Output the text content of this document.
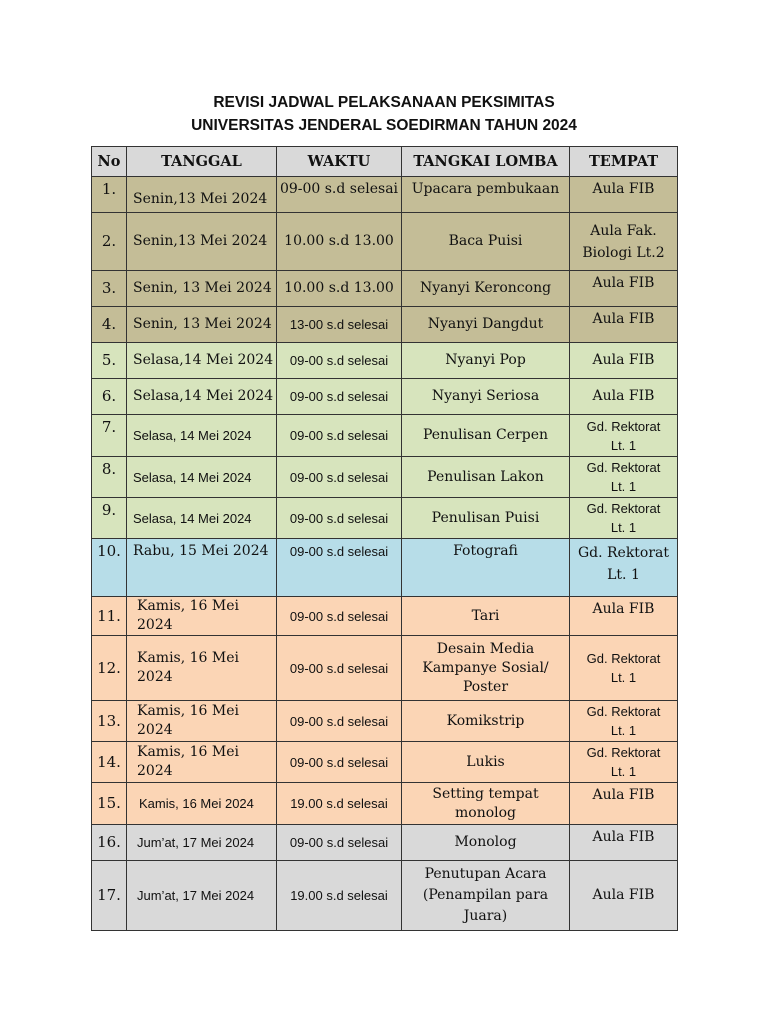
REVISI JADWAL PELAKSANAAN PEKSIMITAS
UNIVERSITAS JENDERAL SOEDIRMAN TAHUN 2024
No	TANGGAL	WAKTU	TANGKAI LOMBA	TEMPAT
1.	Senin,13 Mei 2024	09-00 s.d selesai	Upacara pembukaan	Aula FIB
2.	Senin,13 Mei 2024	10.00 s.d 13.00	Baca Puisi	Aula Fak.
Biologi Lt.2
3.	Senin, 13 Mei 2024	10.00 s.d 13.00	Nyanyi Keroncong	Aula FIB
4.	Senin, 13 Mei 2024	13-00 s.d selesai	Nyanyi Dangdut	Aula FIB
5.	Selasa,14 Mei 2024	09-00 s.d selesai	Nyanyi Pop	Aula FIB
6.	Selasa,14 Mei 2024	09-00 s.d selesai	Nyanyi Seriosa	Aula FIB
7.	Selasa, 14 Mei 2024	09-00 s.d selesai	Penulisan Cerpen	Gd. Rektorat
Lt. 1
8.	Selasa, 14 Mei 2024	09-00 s.d selesai	Penulisan Lakon	Gd. Rektorat
Lt. 1
9.	Selasa, 14 Mei 2024	09-00 s.d selesai	Penulisan Puisi	Gd. Rektorat
Lt. 1
10.	Rabu, 15 Mei 2024	09-00 s.d selesai	Fotografi	Gd. Rektorat
Lt. 1
11.	Kamis, 16 Mei 2024	09-00 s.d selesai	Tari	Aula FIB
12.	Kamis, 16 Mei 2024	09-00 s.d selesai	Desain Media
Kampanye Sosial/
Poster	Gd. Rektorat
Lt. 1
13.	Kamis, 16 Mei 2024	09-00 s.d selesai	Komikstrip	Gd. Rektorat
Lt. 1
14.	Kamis, 16 Mei 2024	09-00 s.d selesai	Lukis	Gd. Rektorat
Lt. 1
15.	Kamis, 16 Mei 2024	19.00 s.d selesai	Setting tempat
monolog	Aula FIB
16.	Jum’at, 17 Mei 2024	09-00 s.d selesai	Monolog	Aula FIB
17.	Jum’at, 17 Mei 2024	19.00 s.d selesai	Penutupan Acara
(Penampilan para
Juara)	Aula FIB
